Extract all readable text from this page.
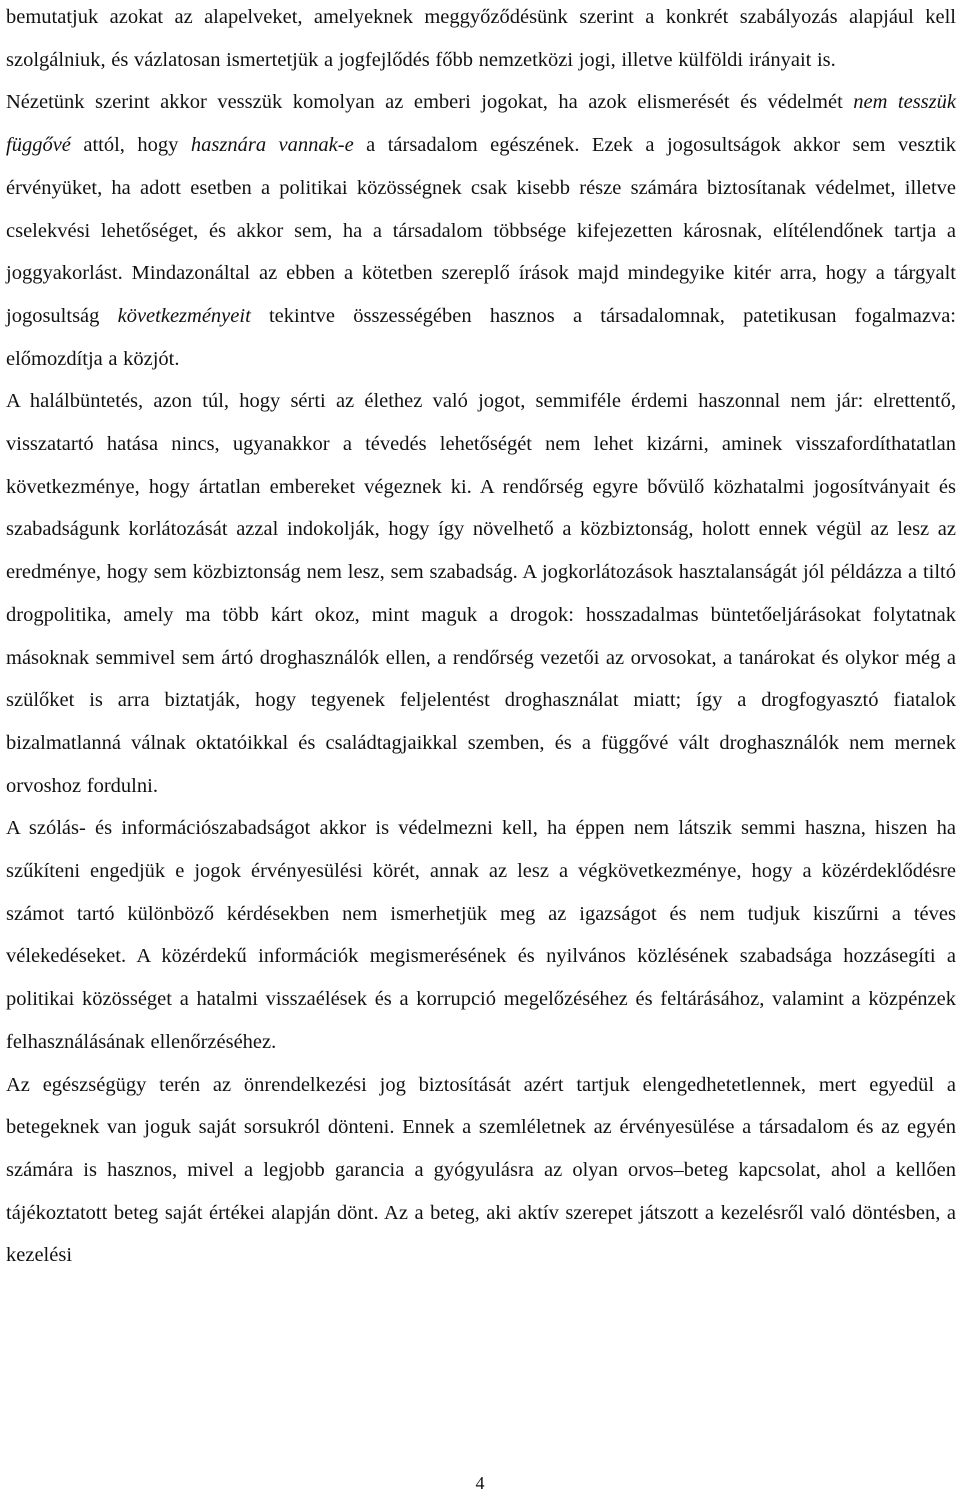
bemutatjuk azokat az alapelveket, amelyeknek meggyőződésünk szerint a konkrét szabályozás alapjául kell szolgálniuk, és vázlatosan ismertetjük a jogfejlődés főbb nemzetközi jogi, illetve külföldi irányait is.

Nézetünk szerint akkor vesszük komolyan az emberi jogokat, ha azok elismerését és védelmét nem tesszük függővé attól, hogy hasznára vannak-e a társadalom egészének. Ezek a jogosultságok akkor sem vesztik érvényüket, ha adott esetben a politikai közösségnek csak kisebb része számára biztosítanak védelmet, illetve cselekvési lehetőséget, és akkor sem, ha a társadalom többsége kifejezetten károsnak, elítélendőnek tartja a joggyakorlást. Mindazonáltal az ebben a kötetben szereplő írások majd mindegyike kitér arra, hogy a tárgyalt jogosultság következményeit tekintve összességében hasznos a társadalomnak, patetikusan fogalmazva: előmozdítja a közjót.

A halálbüntetés, azon túl, hogy sérti az élethez való jogot, semmiféle érdemi haszonnal nem jár: elrettentő, visszatartó hatása nincs, ugyanakkor a tévedés lehetőségét nem lehet kizárni, aminek visszafordíthatatlan következménye, hogy ártatlan embereket végeznek ki. A rendőrség egyre bővülő közhatalmi jogosítványait és szabadságunk korlátozását azzal indokolják, hogy így növelhető a közbiztonság, holott ennek végül az lesz az eredménye, hogy sem közbiztonság nem lesz, sem szabadság. A jogkorlátozások hasztalanságát jól példázza a tiltó drogpolitika, amely ma több kárt okoz, mint maguk a drogok: hosszadalmas büntetőeljárásokat folytatnak másoknak semmivel sem ártó droghasználók ellen, a rendőrség vezetői az orvosokat, a tanárokat és olykor még a szülőket is arra biztatják, hogy tegyenek feljelentést droghasználat miatt; így a drogfogyasztó fiatalok bizalmatlanná válnak oktatóikkal és családtagjaikkal szemben, és a függővé vált droghasználók nem mernek orvoshoz fordulni.

A szólás- és információszabadságot akkor is védelmezni kell, ha éppen nem látszik semmi haszna, hiszen ha szűkíteni engedjük e jogok érvényesülési körét, annak az lesz a végkövetkezménye, hogy a közérdeklődésre számot tartó különböző kérdésekben nem ismerhetjük meg az igazságot és nem tudjuk kiszűrni a téves vélekedéseket. A közérdekű információk megismerésének és nyilvános közlésének szabadsága hozzásegíti a politikai közösséget a hatalmi visszaélések és a korrupció megelőzéséhez és feltárásához, valamint a közpénzek felhasználásának ellenőrzéséhez.

Az egészségügy terén az önrendelkezési jog biztosítását azért tartjuk elengedhetetlennek, mert egyedül a betegeknek van joguk saját sorsukról dönteni. Ennek a szemléletnek az érvényesülése a társadalom és az egyén számára is hasznos, mivel a legjobb garancia a gyógyulásra az olyan orvos–beteg kapcsolat, ahol a kellően tájékoztatott beteg saját értékei alapján dönt. Az a beteg, aki aktív szerepet játszott a kezelésről való döntésben, a kezelési

4
